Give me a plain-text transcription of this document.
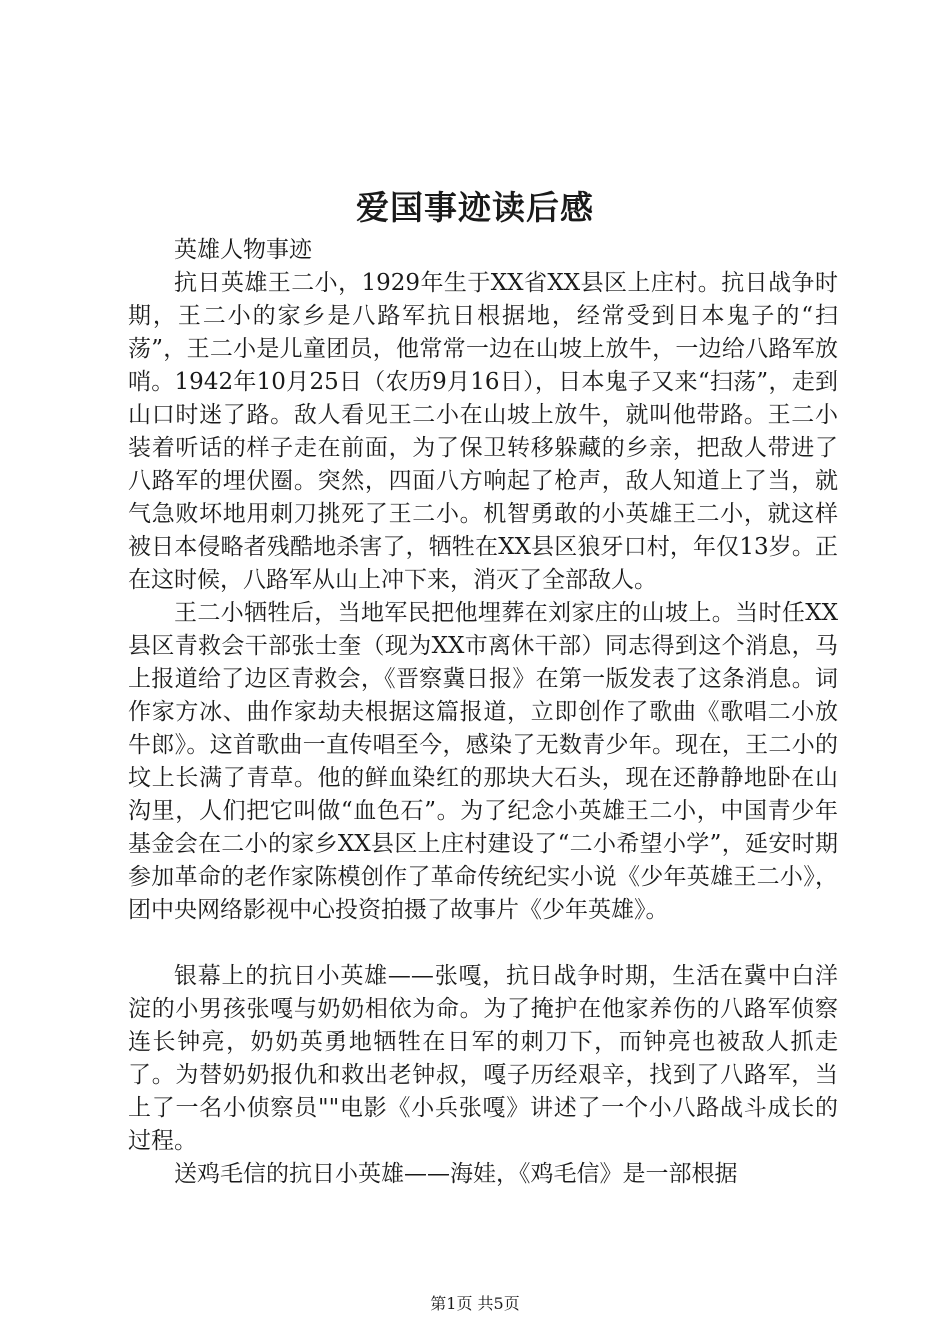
爱国事迹读后感

英雄人物事迹

抗日英雄王二小，1929年生于XX省XX县区上庄村。抗日战争时期，王二小的家乡是八路军抗日根据地，经常受到日本鬼子的“扫荡”，王二小是儿童团员，他常常一边在山坡上放牛，一边给八路军放哨。1942年10月25日（农历9月16日），日本鬼子又来“扫荡”，走到山口时迷了路。敌人看见王二小在山坡上放牛，就叫他带路。王二小装着听话的样子走在前面，为了保卫转移躲藏的乡亲，把敌人带进了八路军的埋伏圈。突然，四面八方响起了枪声，敌人知道上了当，就气急败坏地用刺刀挑死了王二小。机智勇敢的小英雄王二小，就这样被日本侵略者残酷地杀害了，牺牲在XX县区狼牙口村，年仅13岁。正在这时候，八路军从山上冲下来，消灭了全部敌人。

王二小牺牲后，当地军民把他埋葬在刘家庄的山坡上。当时任XX县区青救会干部张士奎（现为XX市离休干部）同志得到这个消息，马上报道给了边区青救会，《晋察冀日报》在第一版发表了这条消息。词作家方冰、曲作家劫夫根据这篇报道，立即创作了歌曲《歌唱二小放牛郎》。这首歌曲一直传唱至今，感染了无数青少年。现在，王二小的坟上长满了青草。他的鲜血染红的那块大石头，现在还静静地卧在山沟里，人们把它叫做“血色石”。为了纪念小英雄王二小，中国青少年基金会在二小的家乡XX县区上庄村建设了“二小希望小学”，延安时期参加革命的老作家陈模创作了革命传统纪实小说《少年英雄王二小》，团中央网络影视中心投资拍摄了故事片《少年英雄》。

银幕上的抗日小英雄——张嘎，抗日战争时期，生活在冀中白洋淀的小男孩张嘎与奶奶相依为命。为了掩护在他家养伤的八路军侦察连长钟亮，奶奶英勇地牺牲在日军的刺刀下，而钟亮也被敌人抓走了。为替奶奶报仇和救出老钟叔，嘎子历经艰辛，找到了八路军，当上了一名小侦察员""电影《小兵张嘎》讲述了一个小八路战斗成长的过程。

送鸡毛信的抗日小英雄——海娃，《鸡毛信》是一部根据

第1页 共5页
